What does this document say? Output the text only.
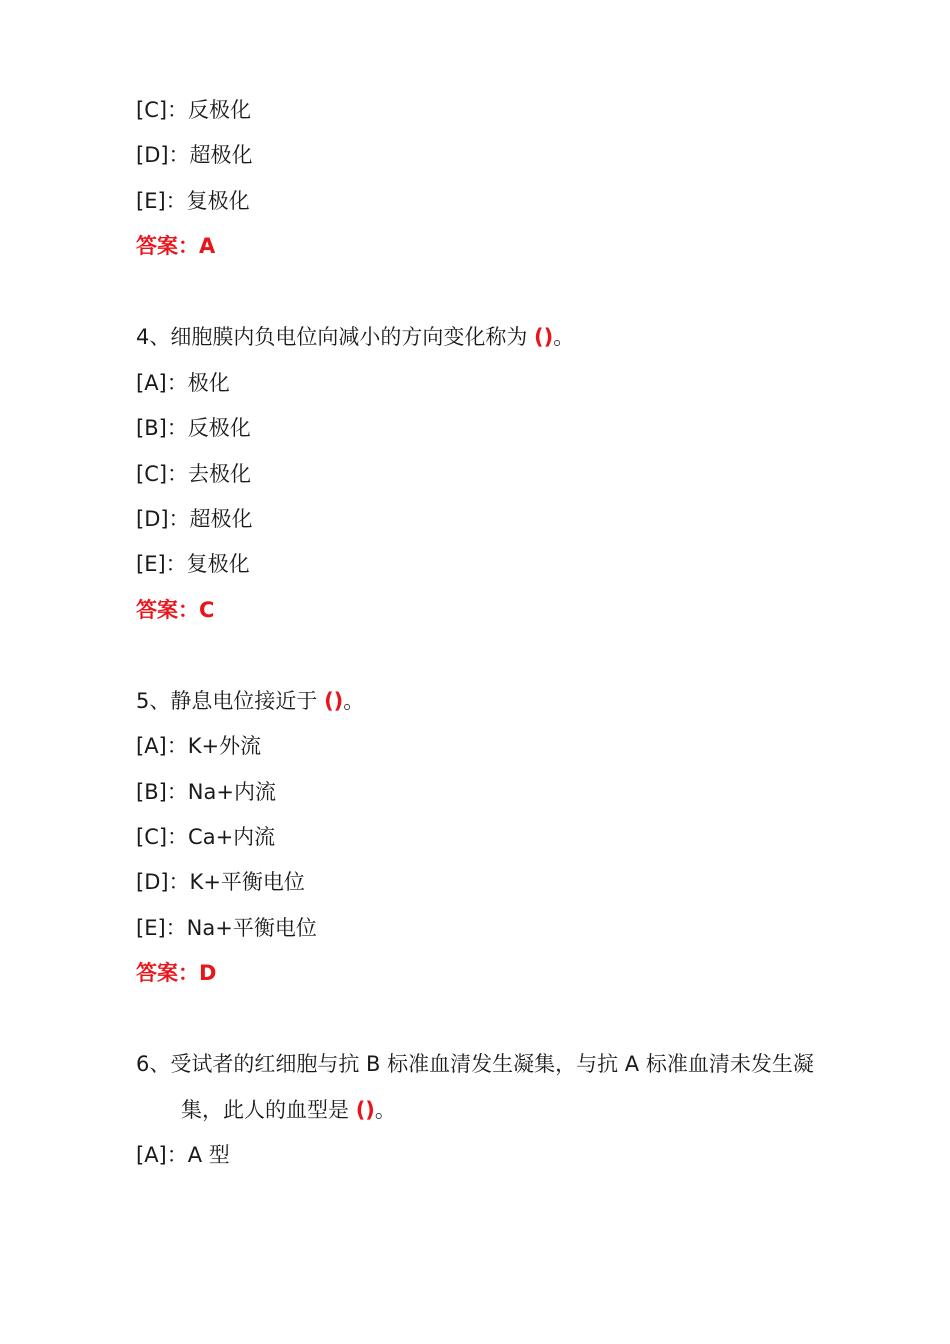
[C]：反极化
[D]：超极化
[E]：复极化
答案：A
4、细胞膜内负电位向减小的方向变化称为 ()。
[A]：极化
[B]：反极化
[C]：去极化
[D]：超极化
[E]：复极化
答案：C
5、静息电位接近于 ()。
[A]：K+外流
[B]：Na+内流
[C]：Ca+内流
[D]：K+平衡电位
[E]：Na+平衡电位
答案：D
6、受试者的红细胞与抗 B 标准血清发生凝集，与抗 A 标准血清未发生凝
集，此人的血型是 ()。
[A]：A 型
